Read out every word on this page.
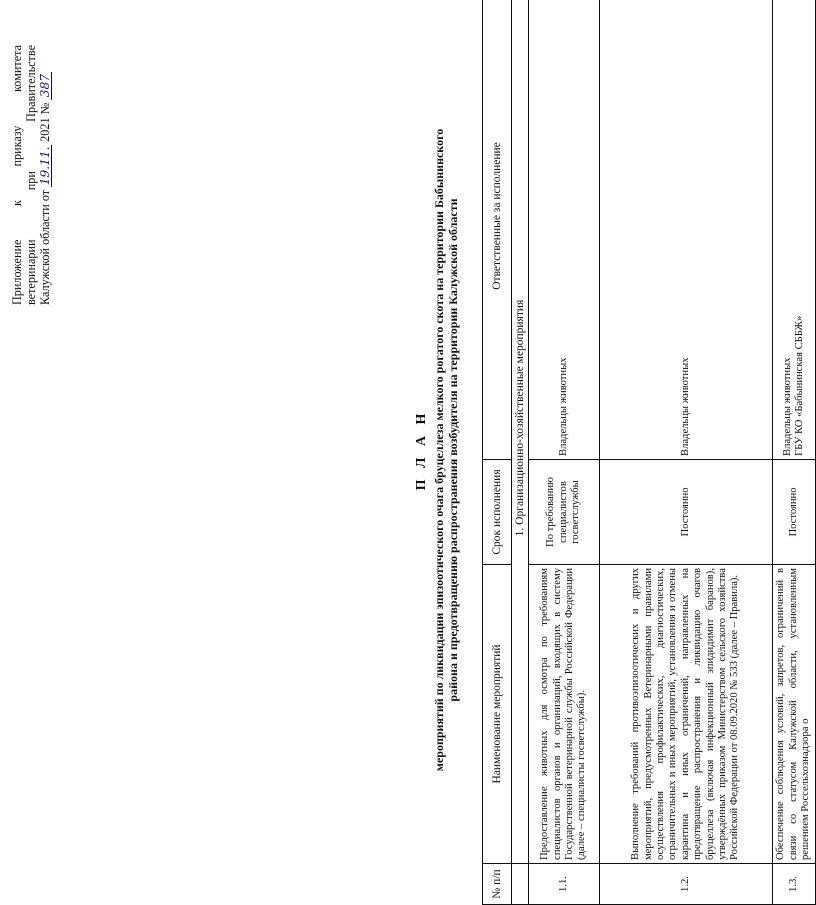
Приложение
к
приказу
комитета
ветеринарии
при
Правительстве
Калужской области от 19.11. 2021 № 387
П Л А Н мероприятий по ликвидации эпизоотического очага бруцеллеза мелкого рогатого скота на территории Бабынинского района и предотвращению распространения возбудителя на территории Калужской области
№ п/п	Наименование мероприятий	Срок исполнения	Ответственные за исполнение
	1. Организационно-хозяйственные мероприятия		
1.1.	Предоставление животных для осмотра по требованиям специалистов органов и организаций, входящих в систему Государственной ветеринарной службы Российской Федерации (далее – специалисты госветслужбы).	По требованию специалистов госветслужбы	Владельцы животных

1.2.	Выполнение требований противоэпизоотических и других мероприятий, предусмотренных Ветеринарными правилами осуществления профилактических, диагностических, ограничительных и иных мероприятий, установления и отмены карантина и иных ограничений, направленных на предотвращение распространения и ликвидацию очагов бруцеллеза (включая инфекционный эпидидимит баранов), утверждённых приказом Министерством сельского хозяйства Российской Федерации от 08.09.2020 № 533 (далее – Правила).	Постоянно	Владельцы животных

1.3.	Обеспечение соблюдения условий, запретов, ограничений в связи со статусом Калужской области, установленным решением Россельхознадзора о	Постоянно	Владельцы животных ГБУ КО «Бабынинская СББЖ»
